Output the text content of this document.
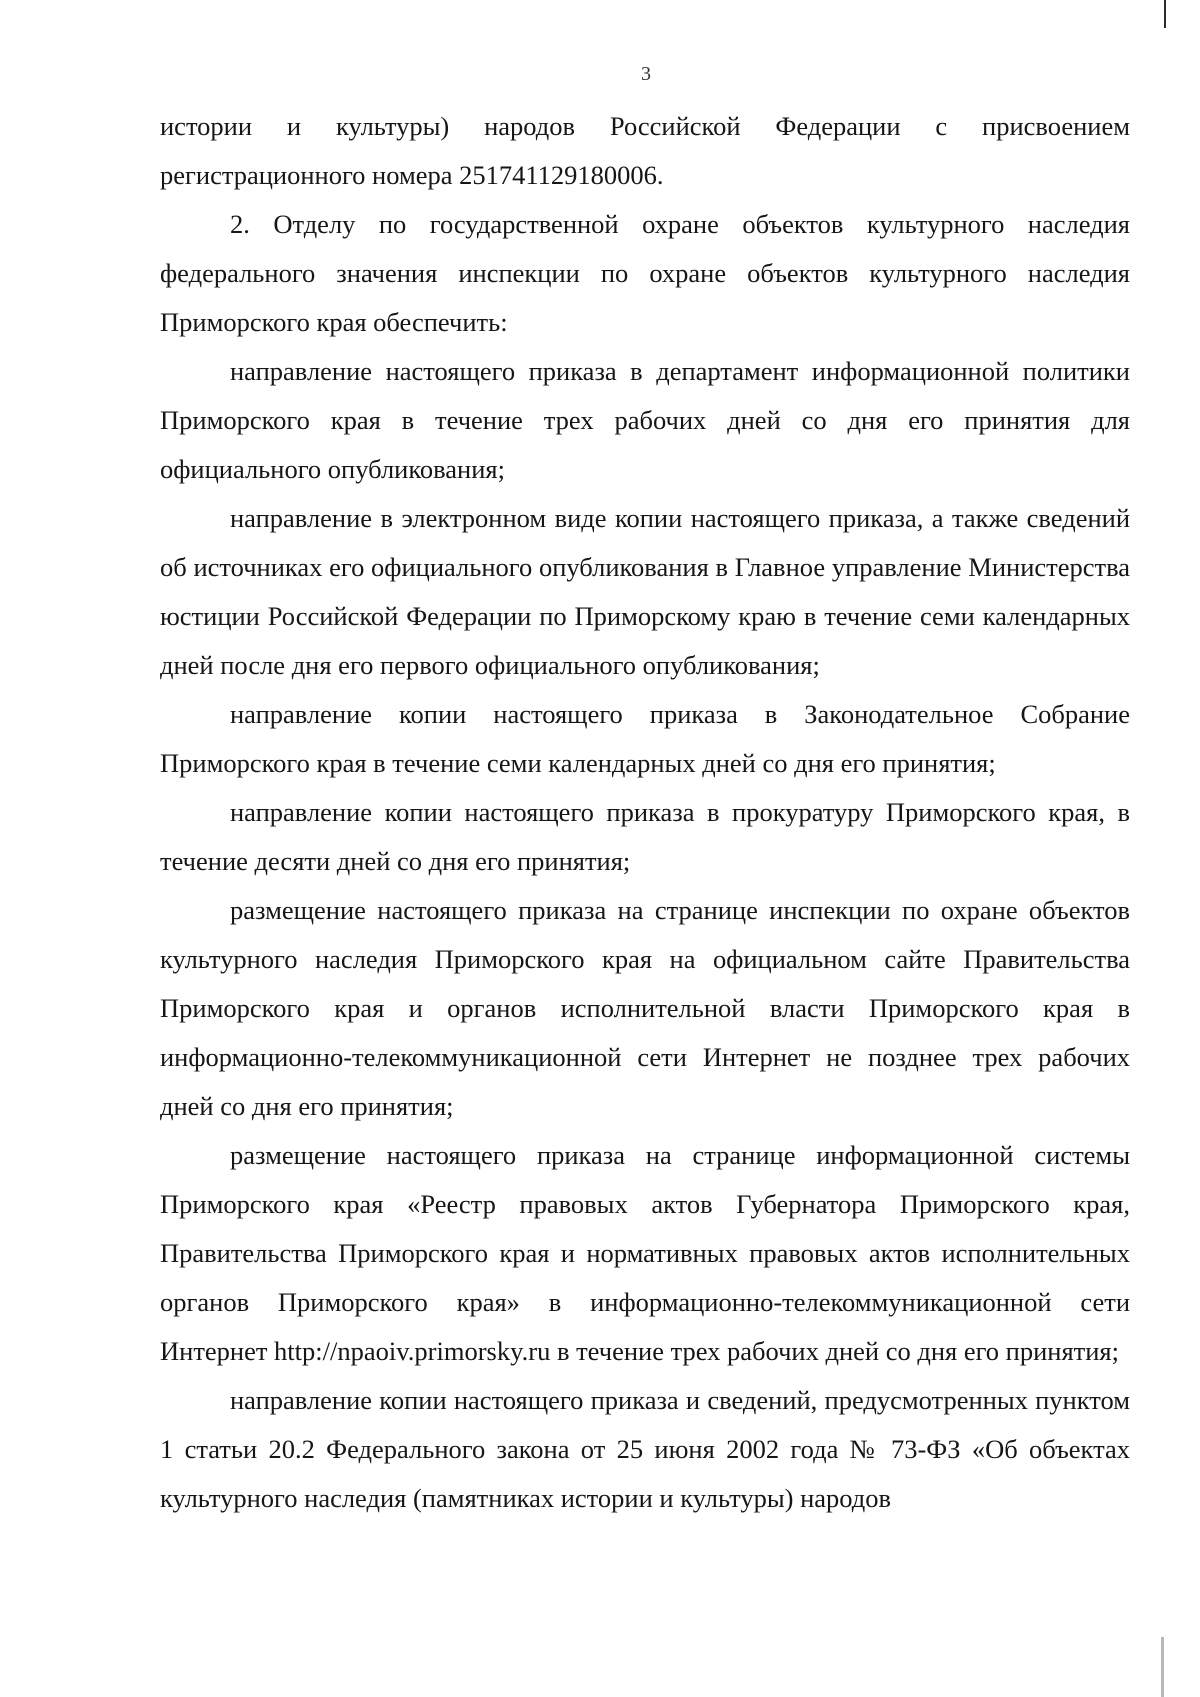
3

истории и культуры) народов Российской Федерации с присвоением регистрационного номера 251741129180006.

2. Отделу по государственной охране объектов культурного наследия федерального значения инспекции по охране объектов культурного наследия Приморского края обеспечить:

направление настоящего приказа в департамент информационной политики Приморского края в течение трех рабочих дней со дня его принятия для официального опубликования;

направление в электронном виде копии настоящего приказа, а также сведений об источниках его официального опубликования в Главное управление Министерства юстиции Российской Федерации по Приморскому краю в течение семи календарных дней после дня его первого официального опубликования;

направление копии настоящего приказа в Законодательное Собрание Приморского края в течение семи календарных дней со дня его принятия;

направление копии настоящего приказа в прокуратуру Приморского края, в течение десяти дней со дня его принятия;

размещение настоящего приказа на странице инспекции по охране объектов культурного наследия Приморского края на официальном сайте Правительства Приморского края и органов исполнительной власти Приморского края в информационно-телекоммуникационной сети Интернет не позднее трех рабочих дней со дня его принятия;

размещение настоящего приказа на странице информационной системы Приморского края «Реестр правовых актов Губернатора Приморского края, Правительства Приморского края и нормативных правовых актов исполнительных органов Приморского края» в информационно-телекоммуникационной сети Интернет http://npaoiv.primorsky.ru в течение трех рабочих дней со дня его принятия;

направление копии настоящего приказа и сведений, предусмотренных пунктом 1 статьи 20.2 Федерального закона от 25 июня 2002 года № 73-ФЗ «Об объектах культурного наследия (памятниках истории и культуры) народов
